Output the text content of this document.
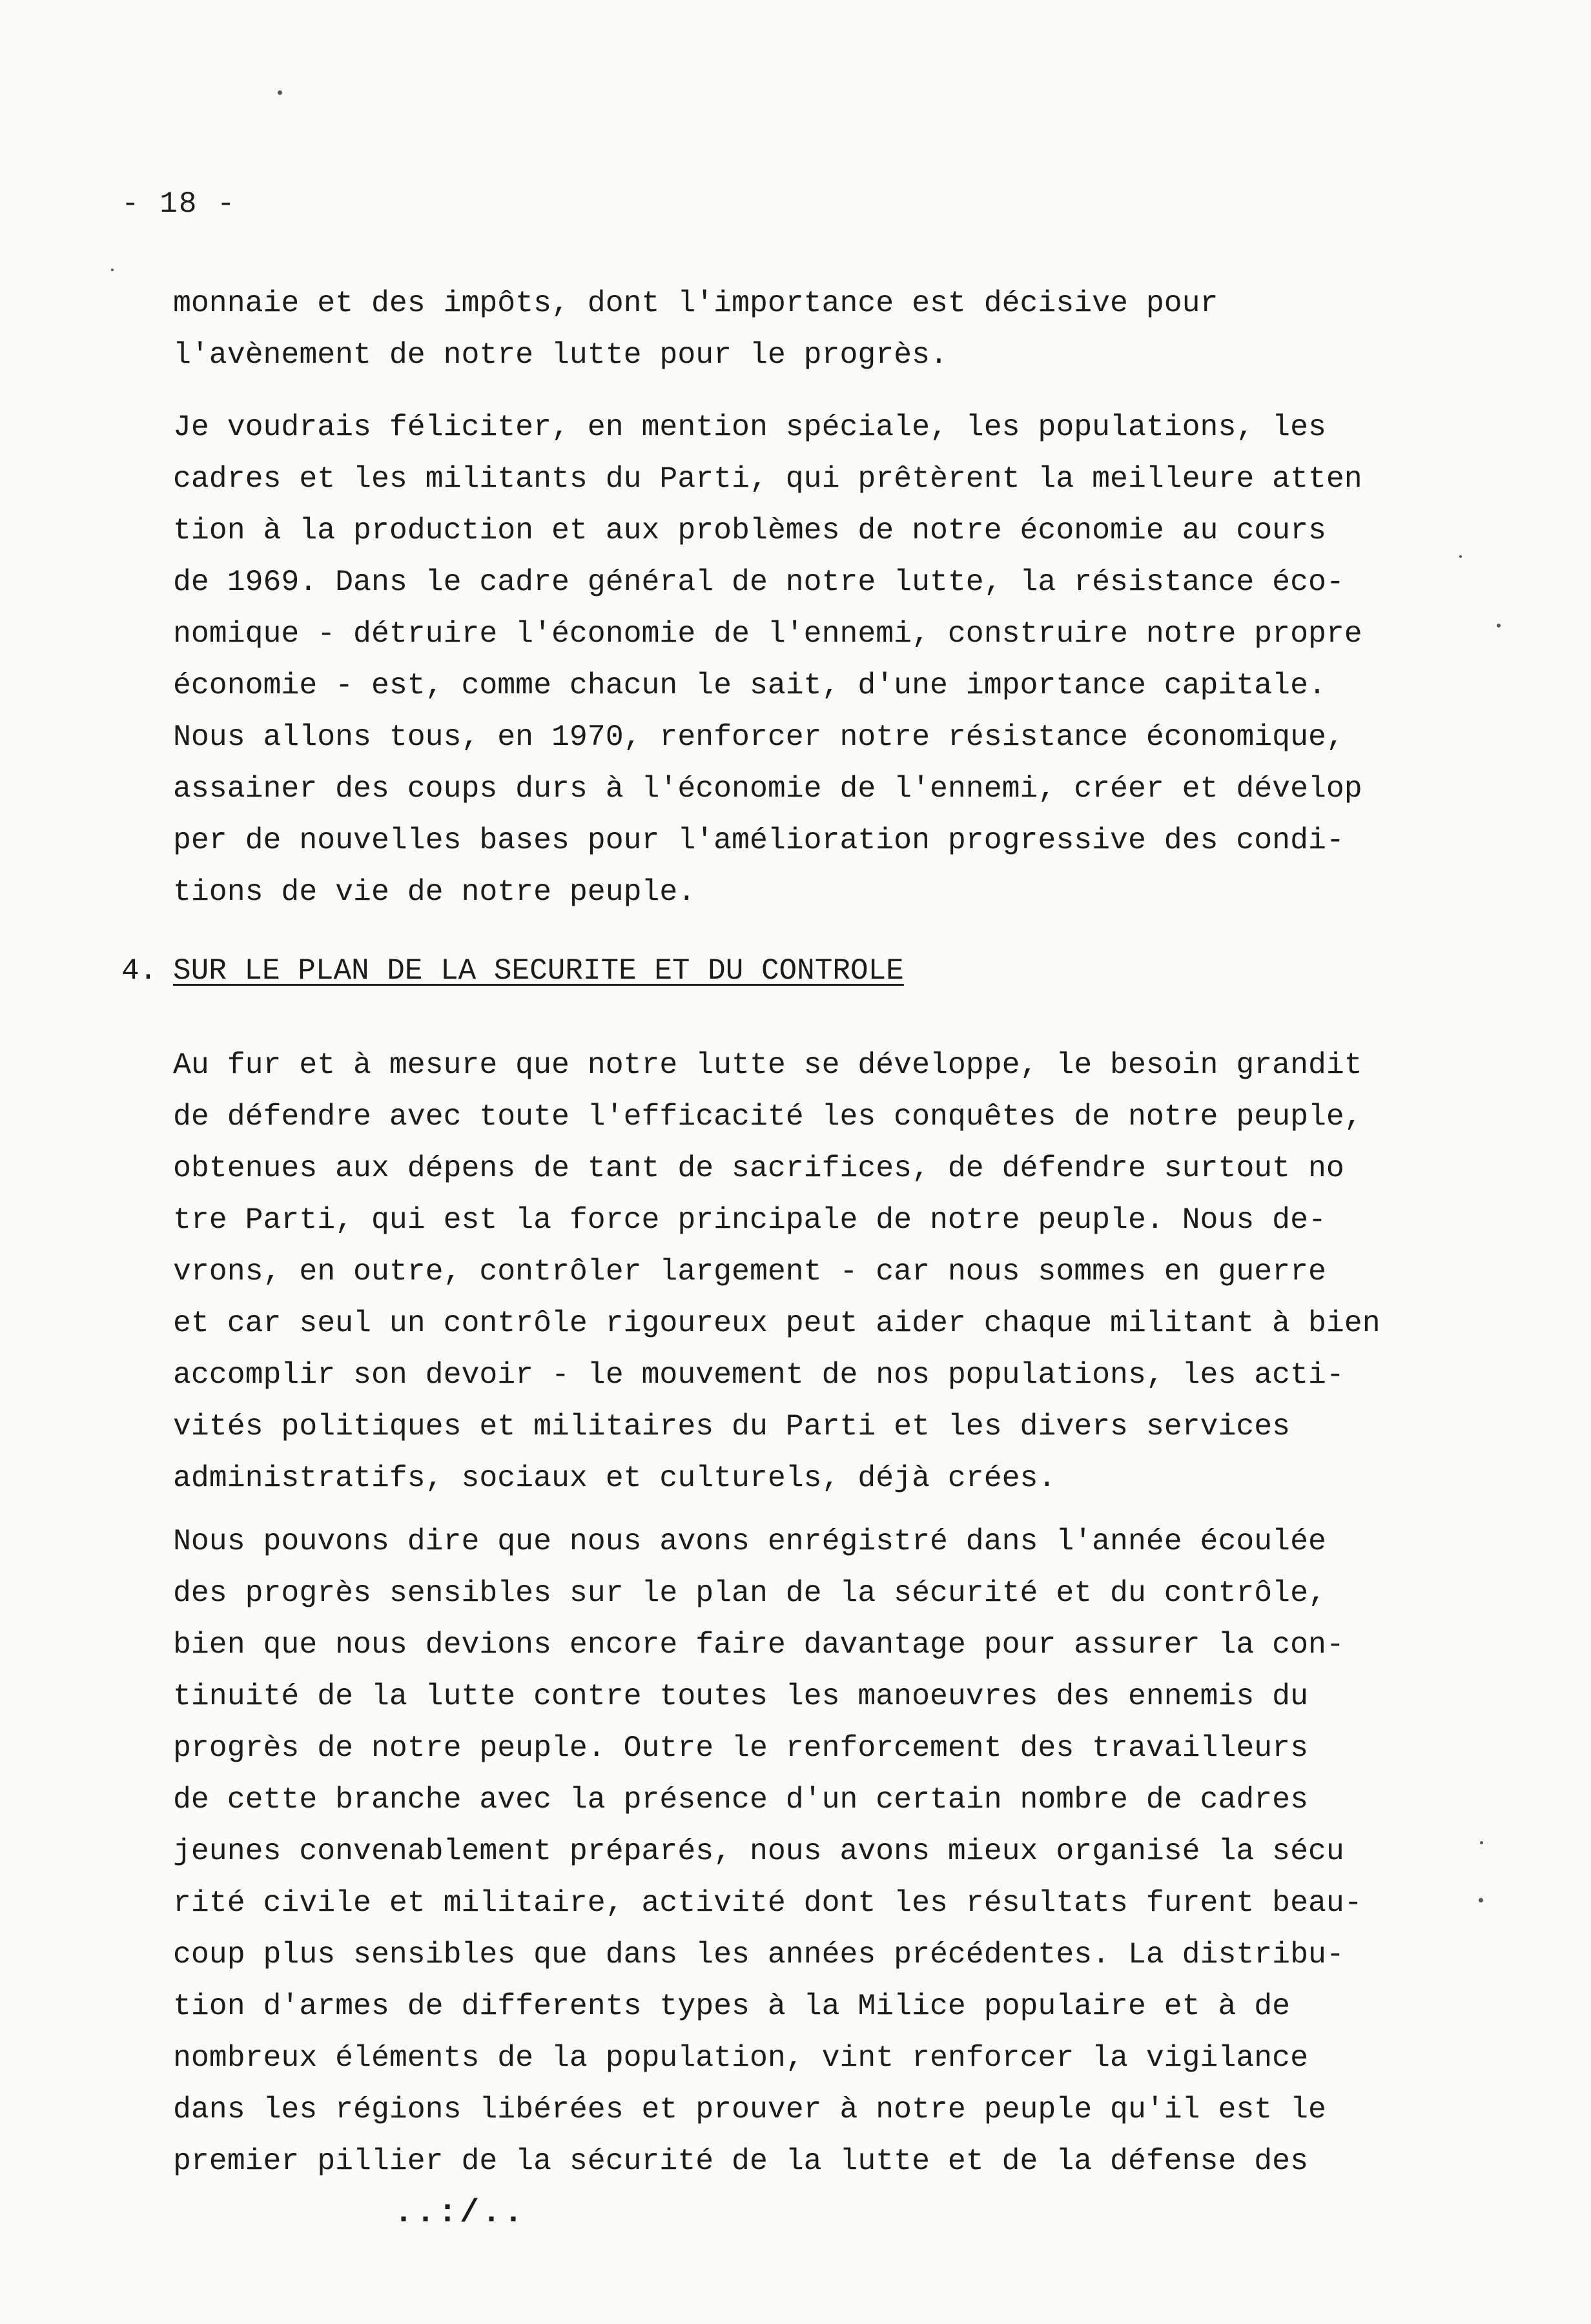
- 18 -
monnaie et des impôts, dont l'importance est décisive pour
l'avènement de notre lutte pour le progrès.
Je voudrais féliciter, en mention spéciale, les populations, les
cadres et les militants du Parti, qui prêtèrent la meilleure atten
tion à la production et aux problèmes de notre économie au cours
de 1969. Dans le cadre général de notre lutte, la résistance éco-
nomique - détruire l'économie de l'ennemi, construire notre propre
économie - est, comme chacun le sait, d'une importance capitale.
Nous allons tous, en 1970, renforcer notre résistance économique,
assainer des coups durs à l'économie de l'ennemi, créer et dévelop
per de nouvelles bases pour l'amélioration progressive des condi-
tions de vie de notre peuple.
4. SUR LE PLAN DE LA SECURITE ET DU CONTROLE
Au fur et à mesure que notre lutte se développe, le besoin grandit
de défendre avec toute l'efficacité les conquêtes de notre peuple,
obtenues aux dépens de tant de sacrifices, de défendre surtout no
tre Parti, qui est la force principale de notre peuple. Nous de-
vrons, en outre, contrôler largement - car nous sommes en guerre
et car seul un contrôle rigoureux peut aider chaque militant à bien
accomplir son devoir - le mouvement de nos populations, les acti-
vités politiques et militaires du Parti et les divers services
administratifs, sociaux et culturels, déjà crées.
Nous pouvons dire que nous avons enrégistré dans l'année écoulée
des progrès sensibles sur le plan de la sécurité et du contrôle,
bien que nous devions encore faire davantage pour assurer la con-
tinuité de la lutte contre toutes les manoeuvres des ennemis du
progrès de notre peuple. Outre le renforcement des travailleurs
de cette branche avec la présence d'un certain nombre de cadres
jeunes convenablement préparés, nous avons mieux organisé la sécu
rité civile et militaire, activité dont les résultats furent beau-
coup plus sensibles que dans les années précédentes. La distribu-
tion d'armes de differents types à la Milice populaire et à de
nombreux éléments de la population, vint renforcer la vigilance
dans les régions libérées et prouver à notre peuple qu'il est le
premier pillier de la sécurité de la lutte et de la défense des
..:/..
